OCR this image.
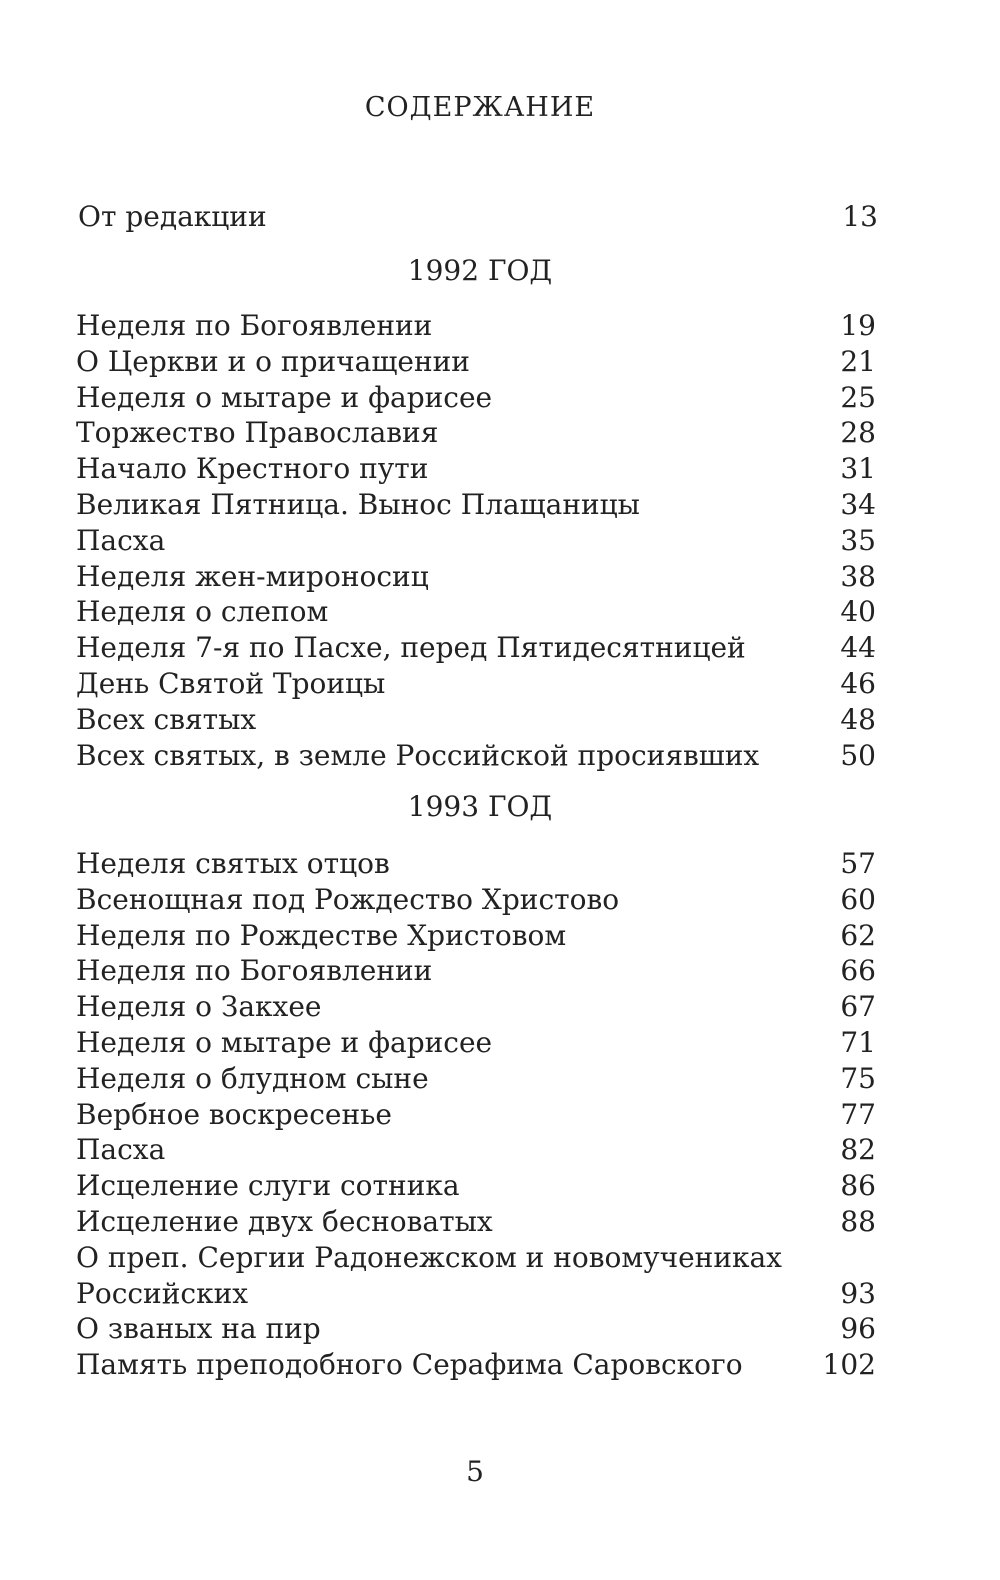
СОДЕРЖАНИЕ
От редакции	13
1992 ГОД
Неделя по Богоявлении	19
О Церкви и о причащении	21
Неделя о мытаре и фарисее	25
Торжество Православия	28
Начало Крестного пути	31
Великая Пятница. Вынос Плащаницы	34
Пасха	35
Неделя жен-мироносиц	38
Неделя о слепом	40
Неделя 7-я по Пасхе, перед Пятидесятницей	44
День Святой Троицы	46
Всех святых	48
Всех святых, в земле Российской просиявших	50
1993 ГОД
Неделя святых отцов	57
Всенощная под Рождество Христово	60
Неделя по Рождестве Христовом	62
Неделя по Богоявлении	66
Неделя о Закхее	67
Неделя о мытаре и фарисее	71
Неделя о блудном сыне	75
Вербное воскресенье	77
Пасха	82
Исцеление слуги сотника	86
Исцеление двух бесноватых	88
О преп. Сергии Радонежском и новомучениках Российских	93
О званых на пир	96
Память преподобного Серафима Саровского	102
5
